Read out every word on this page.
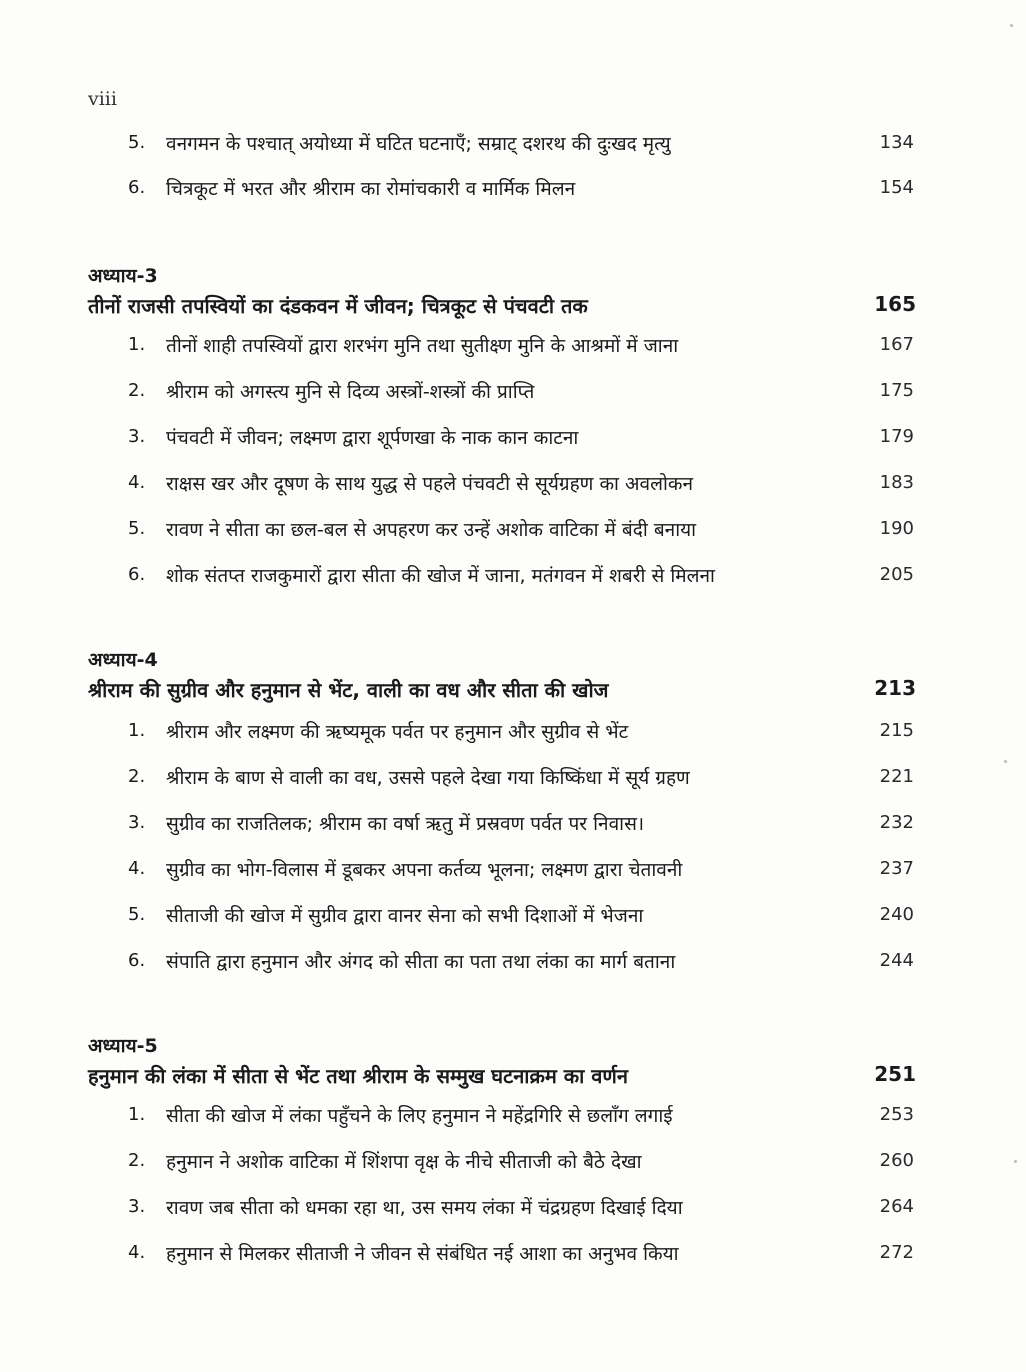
viii
5.	वनगमन के पश्चात् अयोध्या में घटित घटनाएँ; सम्राट् दशरथ की दुःखद मृत्यु	134
6.	चित्रकूट में भरत और श्रीराम का रोमांचकारी व मार्मिक मिलन	154
अध्याय-3
तीनों राजसी तपस्वियों का दंडकवन में जीवन; चित्रकूट से पंचवटी तक	165
1.	तीनों शाही तपस्वियों द्वारा शरभंग मुनि तथा सुतीक्ष्ण मुनि के आश्रमों में जाना	167
2.	श्रीराम को अगस्त्य मुनि से दिव्य अस्त्रों-शस्त्रों की प्राप्ति	175
3.	पंचवटी में जीवन; लक्ष्मण द्वारा शूर्पणखा के नाक कान काटना	179
4.	राक्षस खर और दूषण के साथ युद्ध से पहले पंचवटी से सूर्यग्रहण का अवलोकन	183
5.	रावण ने सीता का छल-बल से अपहरण कर उन्हें अशोक वाटिका में बंदी बनाया	190
6.	शोक संतप्त राजकुमारों द्वारा सीता की खोज में जाना, मतंगवन में शबरी से मिलना	205
अध्याय-4
श्रीराम की सुग्रीव और हनुमान से भेंट, वाली का वध और सीता की खोज	213
1.	श्रीराम और लक्ष्मण की ऋष्यमूक पर्वत पर हनुमान और सुग्रीव से भेंट	215
2.	श्रीराम के बाण से वाली का वध, उससे पहले देखा गया किष्किंधा में सूर्य ग्रहण	221
3.	सुग्रीव का राजतिलक; श्रीराम का वर्षा ऋतु में प्रस्रवण पर्वत पर निवास।	232
4.	सुग्रीव का भोग-विलास में डूबकर अपना कर्तव्य भूलना; लक्ष्मण द्वारा चेतावनी	237
5.	सीताजी की खोज में सुग्रीव द्वारा वानर सेना को सभी दिशाओं में भेजना	240
6.	संपाति द्वारा हनुमान और अंगद को सीता का पता तथा लंका का मार्ग बताना	244
अध्याय-5
हनुमान की लंका में सीता से भेंट तथा श्रीराम के सम्मुख घटनाक्रम का वर्णन	251
1.	सीता की खोज में लंका पहुँचने के लिए हनुमान ने महेंद्रगिरि से छलाँग लगाई	253
2.	हनुमान ने अशोक वाटिका में शिंशपा वृक्ष के नीचे सीताजी को बैठे देखा	260
3.	रावण जब सीता को धमका रहा था, उस समय लंका में चंद्रग्रहण दिखाई दिया	264
4.	हनुमान से मिलकर सीताजी ने जीवन से संबंधित नई आशा का अनुभव किया	272
